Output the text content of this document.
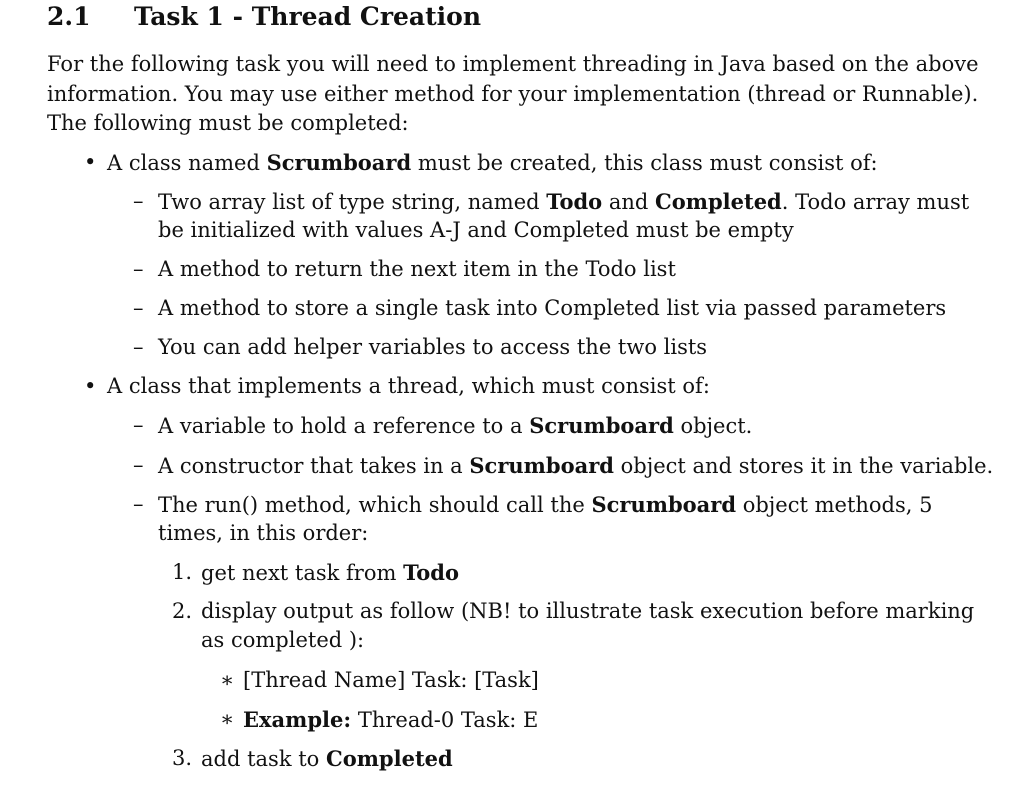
2.1 Task 1 - Thread Creation
For the following task you will need to implement threading in Java based on the above
information. You may use either method for your implementation (thread or Runnable).
The following must be completed:
• A class named Scrumboard must be created, this class must consist of:
– Two array list of type string, named Todo and Completed. Todo array must
be initialized with values A-J and Completed must be empty
– A method to return the next item in the Todo list
– A method to store a single task into Completed list via passed parameters
– You can add helper variables to access the two lists
• A class that implements a thread, which must consist of:
– A variable to hold a reference to a Scrumboard object.
– A constructor that takes in a Scrumboard object and stores it in the variable.
– The run() method, which should call the Scrumboard object methods, 5
times, in this order:
1. get next task from Todo
2. display output as follow (NB! to illustrate task execution before marking
as completed ):
∗ [Thread Name] Task: [Task]
∗ Example: Thread-0 Task: E
3. add task to Completed
